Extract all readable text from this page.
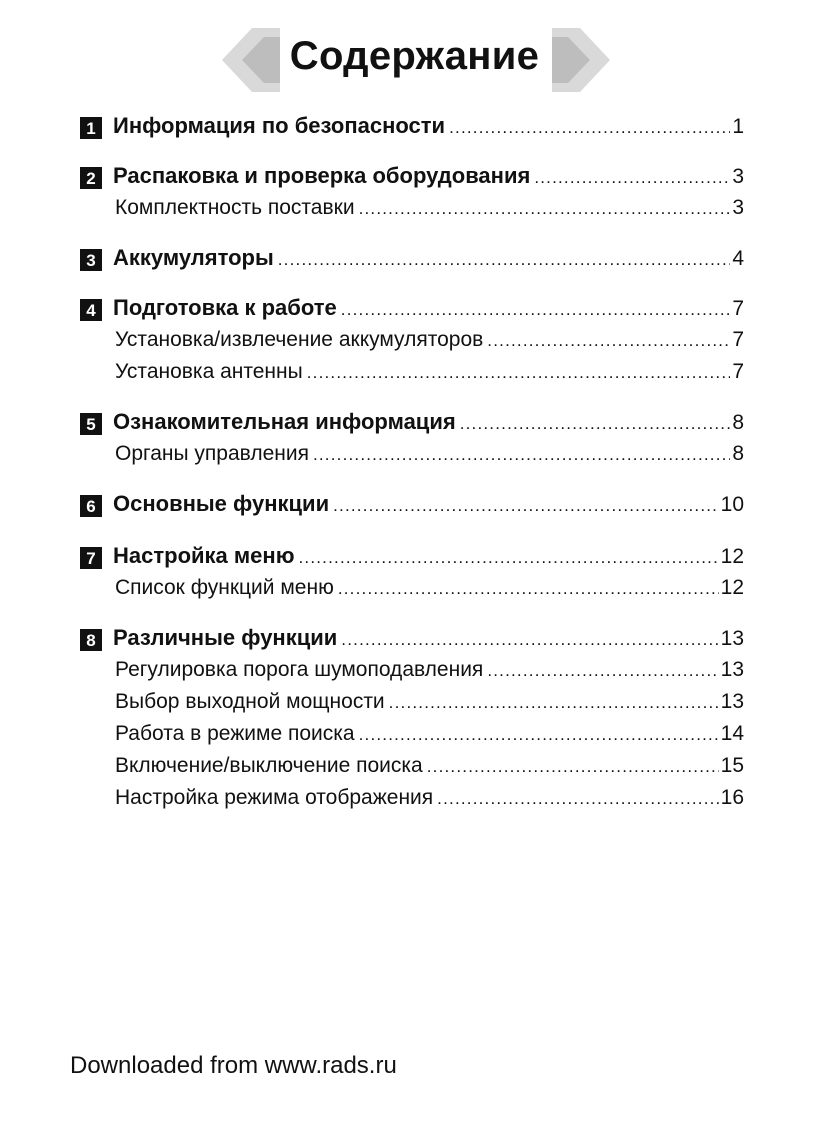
Содержание
1 Информация по безопасности .....	1
2 Распаковка и проверка оборудования .....	3
Комплектность поставки .....	3
3 Аккумуляторы .....	4
4 Подготовка к работе .....	7
Установка/извлечение аккумуляторов .....	7
Установка антенны .....	7
5 Ознакомительная информация .....	8
Органы управления .....	8
6 Основные функции .....	10
7 Настройка меню .....	12
Список функций меню .....	12
8 Различные функции .....	13
Регулировка порога шумоподавления .....	13
Выбор выходной мощности .....	13
Работа в режиме поиска .....	14
Включение/выключение поиска .....	15
Настройка режима отображения .....	16
Downloaded from www.rads.ru
